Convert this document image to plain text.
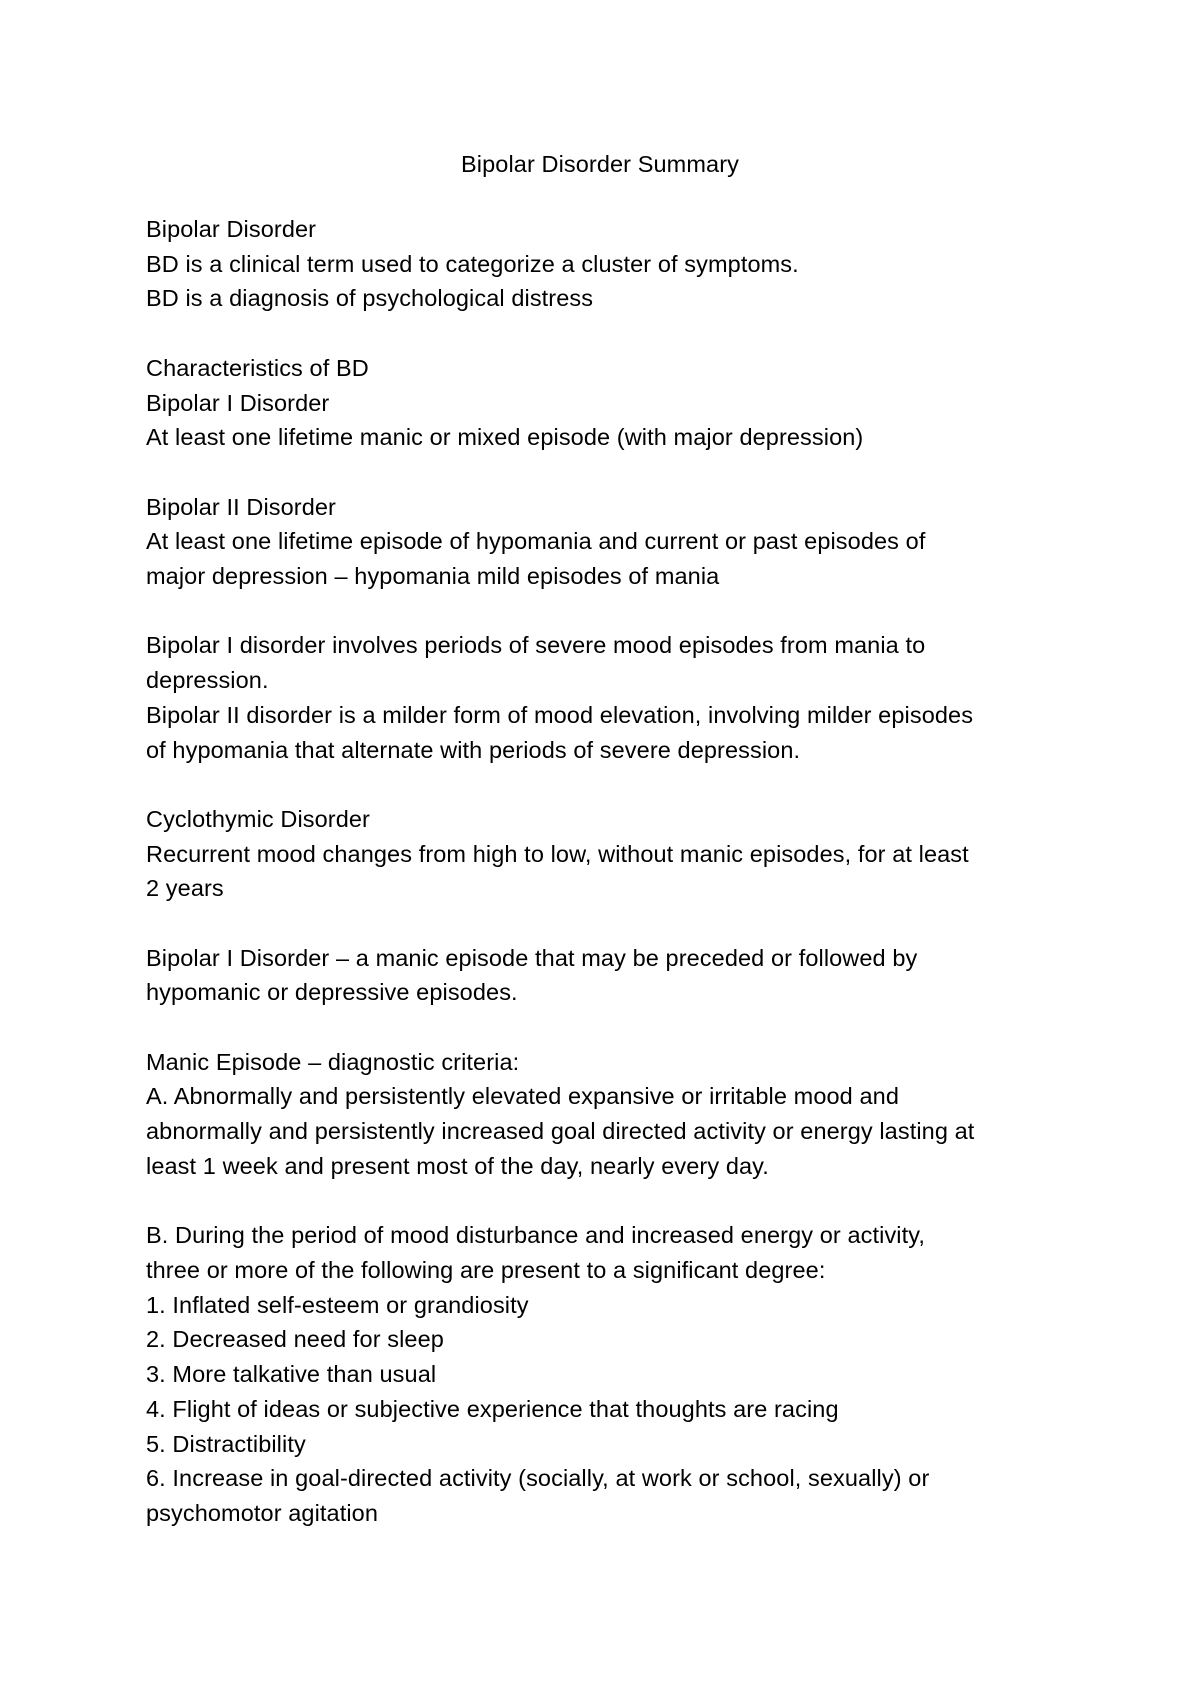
Bipolar Disorder Summary
Bipolar Disorder
BD is a clinical term used to categorize a cluster of symptoms.
BD is a diagnosis of psychological distress
Characteristics of BD
Bipolar I Disorder
At least one lifetime manic or mixed episode (with major depression)
Bipolar II Disorder
At least one lifetime episode of hypomania and current or past episodes of
major depression – hypomania mild episodes of mania
Bipolar I disorder involves periods of severe mood episodes from mania to
depression.
Bipolar II disorder is a milder form of mood elevation, involving milder episodes
of hypomania that alternate with periods of severe depression.
Cyclothymic Disorder
Recurrent mood changes from high to low, without manic episodes, for at least
2 years
Bipolar I Disorder – a manic episode that may be preceded or followed by
hypomanic or depressive episodes.
Manic Episode – diagnostic criteria:
A. Abnormally and persistently elevated expansive or irritable mood and
abnormally and persistently increased goal directed activity or energy lasting at
least 1 week and present most of the day, nearly every day.
B. During the period of mood disturbance and increased energy or activity,
three or more of the following are present to a significant degree:
1. Inflated self-esteem or grandiosity
2. Decreased need for sleep
3. More talkative than usual
4. Flight of ideas or subjective experience that thoughts are racing
5. Distractibility
6. Increase in goal-directed activity (socially, at work or school, sexually) or
psychomotor agitation
